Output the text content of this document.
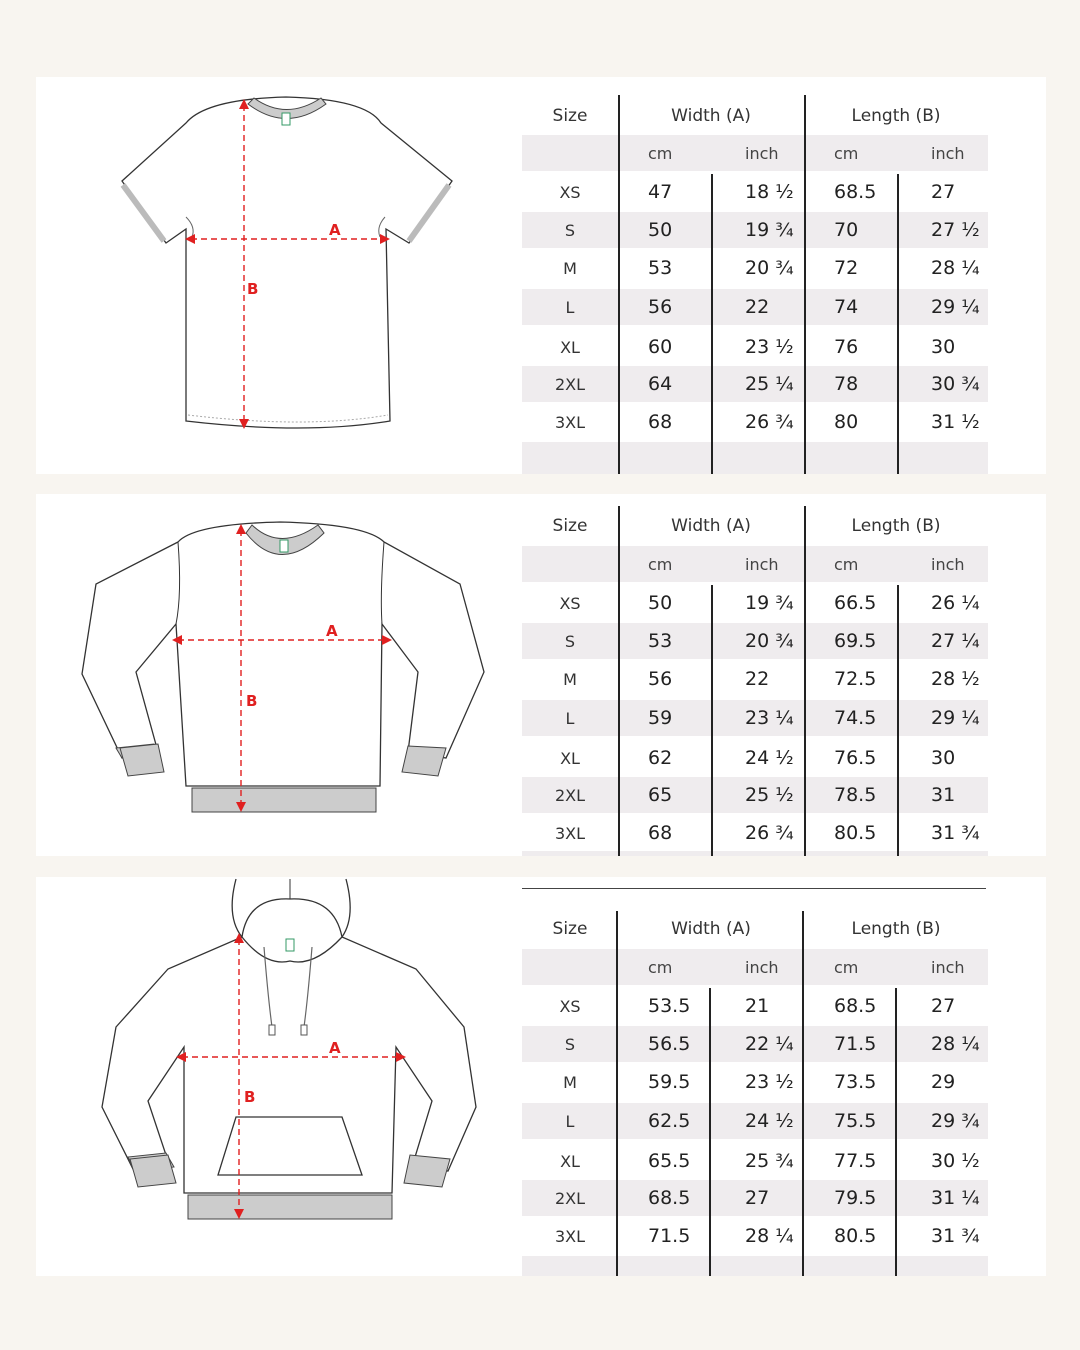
A
B
Size	Width (A)	Length (B)
cm	inch	cm	inch
XS	47	18 ½	68.5	27
S	50	19 ¾	70	27 ½
M	53	20 ¾	72	28 ¼
L	56	22	74	29 ¼
XL	60	23 ½	76	30
2XL	64	25 ¼	78	30 ¾
3XL	68	26 ¾	80	31 ½
A
B
Size	Width (A)	Length (B)
cm	inch	cm	inch
XS	50	19 ¾	66.5	26 ¼
S	53	20 ¾	69.5	27 ¼
M	56	22	72.5	28 ½
L	59	23 ¼	74.5	29 ¼
XL	62	24 ½	76.5	30
2XL	65	25 ½	78.5	31
3XL	68	26 ¾	80.5	31 ¾
A
B
Size	Width (A)	Length (B)
cm	inch	cm	inch
XS	53.5	21	68.5	27
S	56.5	22 ¼	71.5	28 ¼
M	59.5	23 ½	73.5	29
L	62.5	24 ½	75.5	29 ¾
XL	65.5	25 ¾	77.5	30 ½
2XL	68.5	27	79.5	31 ¼
3XL	71.5	28 ¼	80.5	31 ¾
